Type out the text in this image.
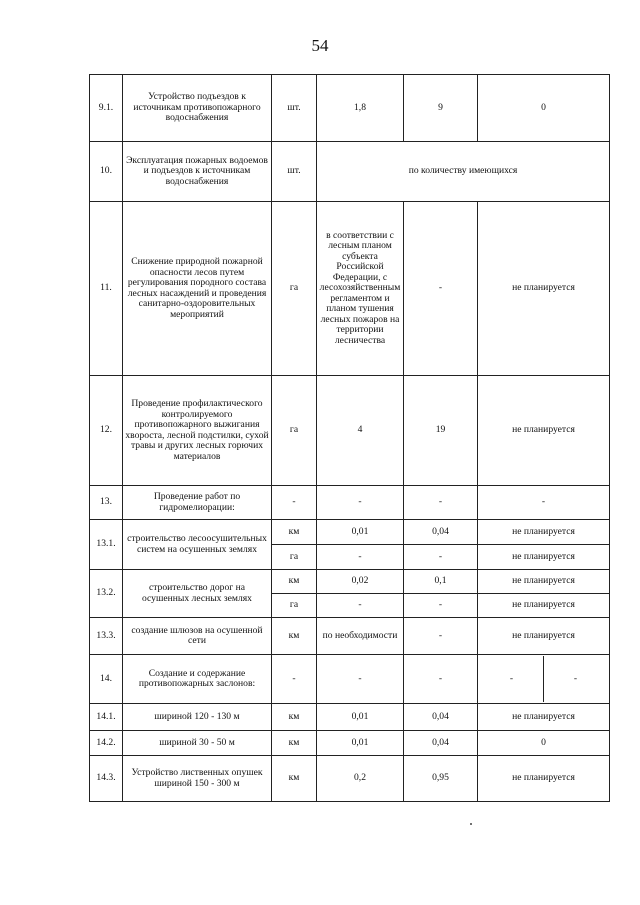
54
9.1.	Устройство подъездов к источникам противопожарного водоснабжения	шт.	1,8	9	0
10.	Эксплуатация пожарных водоемов и подъездов к источникам водоснабжения	шт.	по количеству имеющихся		
11.	Снижение природной пожарной опасности лесов путем регулирования породного состава лесных насаждений и проведения санитарно-оздоровительных мероприятий	га	в соответствии с лесным планом субъекта Российской Федерации, с лесохозяйственным регламентом и планом тушения лесных пожаров на территории лесничества	-	не планируется
12.	Проведение профилактического контролируемого противопожарного выжигания хвороста, лесной подстилки, сухой травы и других лесных горючих материалов	га	4	19	не планируется
13.	Проведение работ по гидромелиорации:	-	-	-	-
13.1.	строительство лесоосушительных систем на осушенных землях	км	0,01	0,04	не планируется
		га	-	-	не планируется
13.2.	строительство дорог на осушенных лесных землях	км	0,02	0,1	не планируется
		га	-	-	не планируется
13.3.	создание шлюзов на осушенной сети	км	по необходимости	-	не планируется
14.	Создание и содержание противопожарных заслонов:	-	-	-	- -

14.1.	шириной 120 - 130 м	км	0,01	0,04	не планируется
14.2.	шириной 30 - 50 м	км	0,01	0,04	0
14.3.	Устройство лиственных опушек шириной 150 - 300 м	км	0,2	0,95	не планируется
